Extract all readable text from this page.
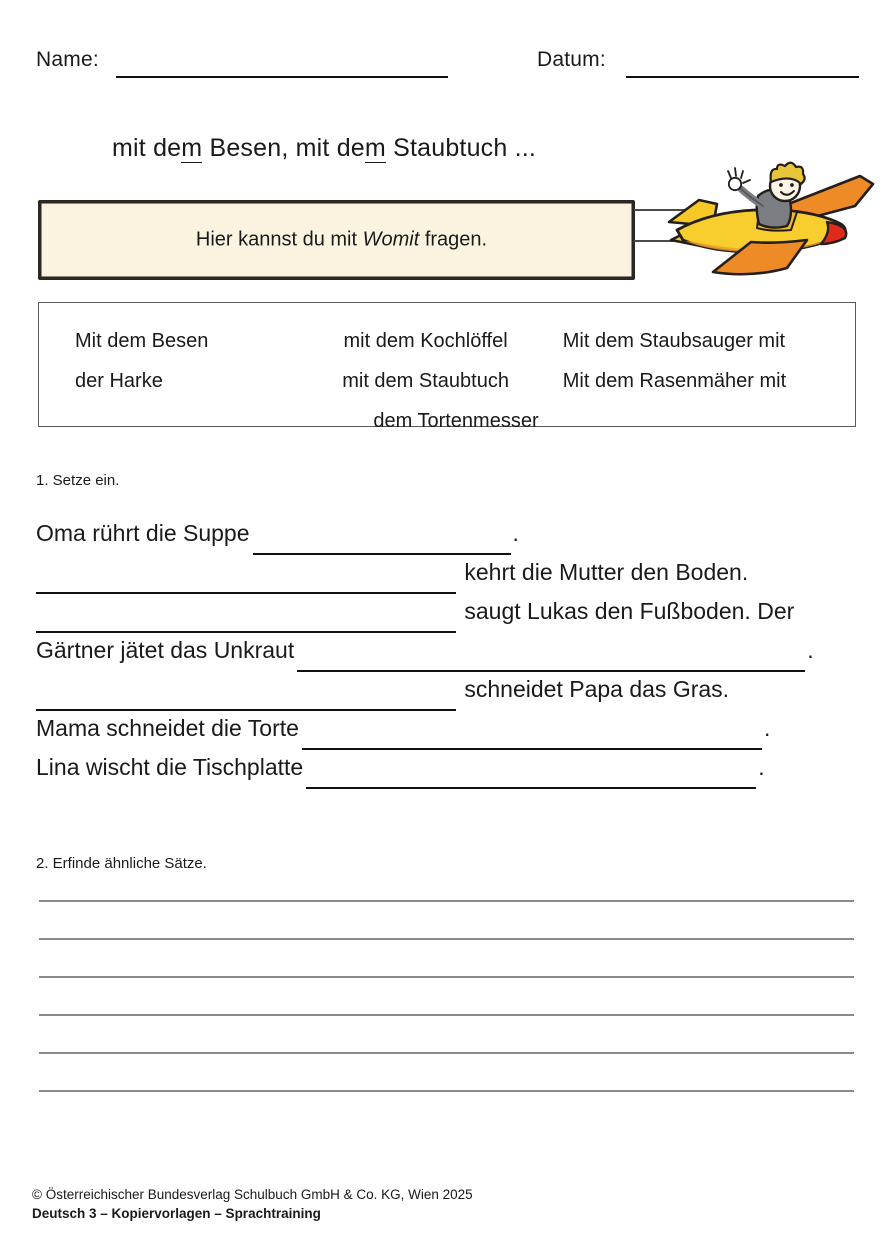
Name:	Datum:
mit dem Besen, mit dem Staubtuch ...
Hier kannst du mit Womit fragen.
Mit dem Besen	mit dem Kochlöffel	Mit dem Staubsauger mit
der Harke	mit dem Staubtuch	Mit dem Rasenmäher mit
dem Tortenmesser
1. Setze ein.
Oma rührt die Suppe	.
kehrt die Mutter den Boden.
saugt Lukas den Fußboden. Der
Gärtner jätet das Unkraut	.
schneidet Papa das Gras.
Mama schneidet die Torte	.
Lina wischt die Tischplatte	.
2. Erfinde ähnliche Sätze.
© Österreichischer Bundesverlag Schulbuch GmbH & Co. KG, Wien 2025
Deutsch 3 – Kopiervorlagen – Sprachtraining
